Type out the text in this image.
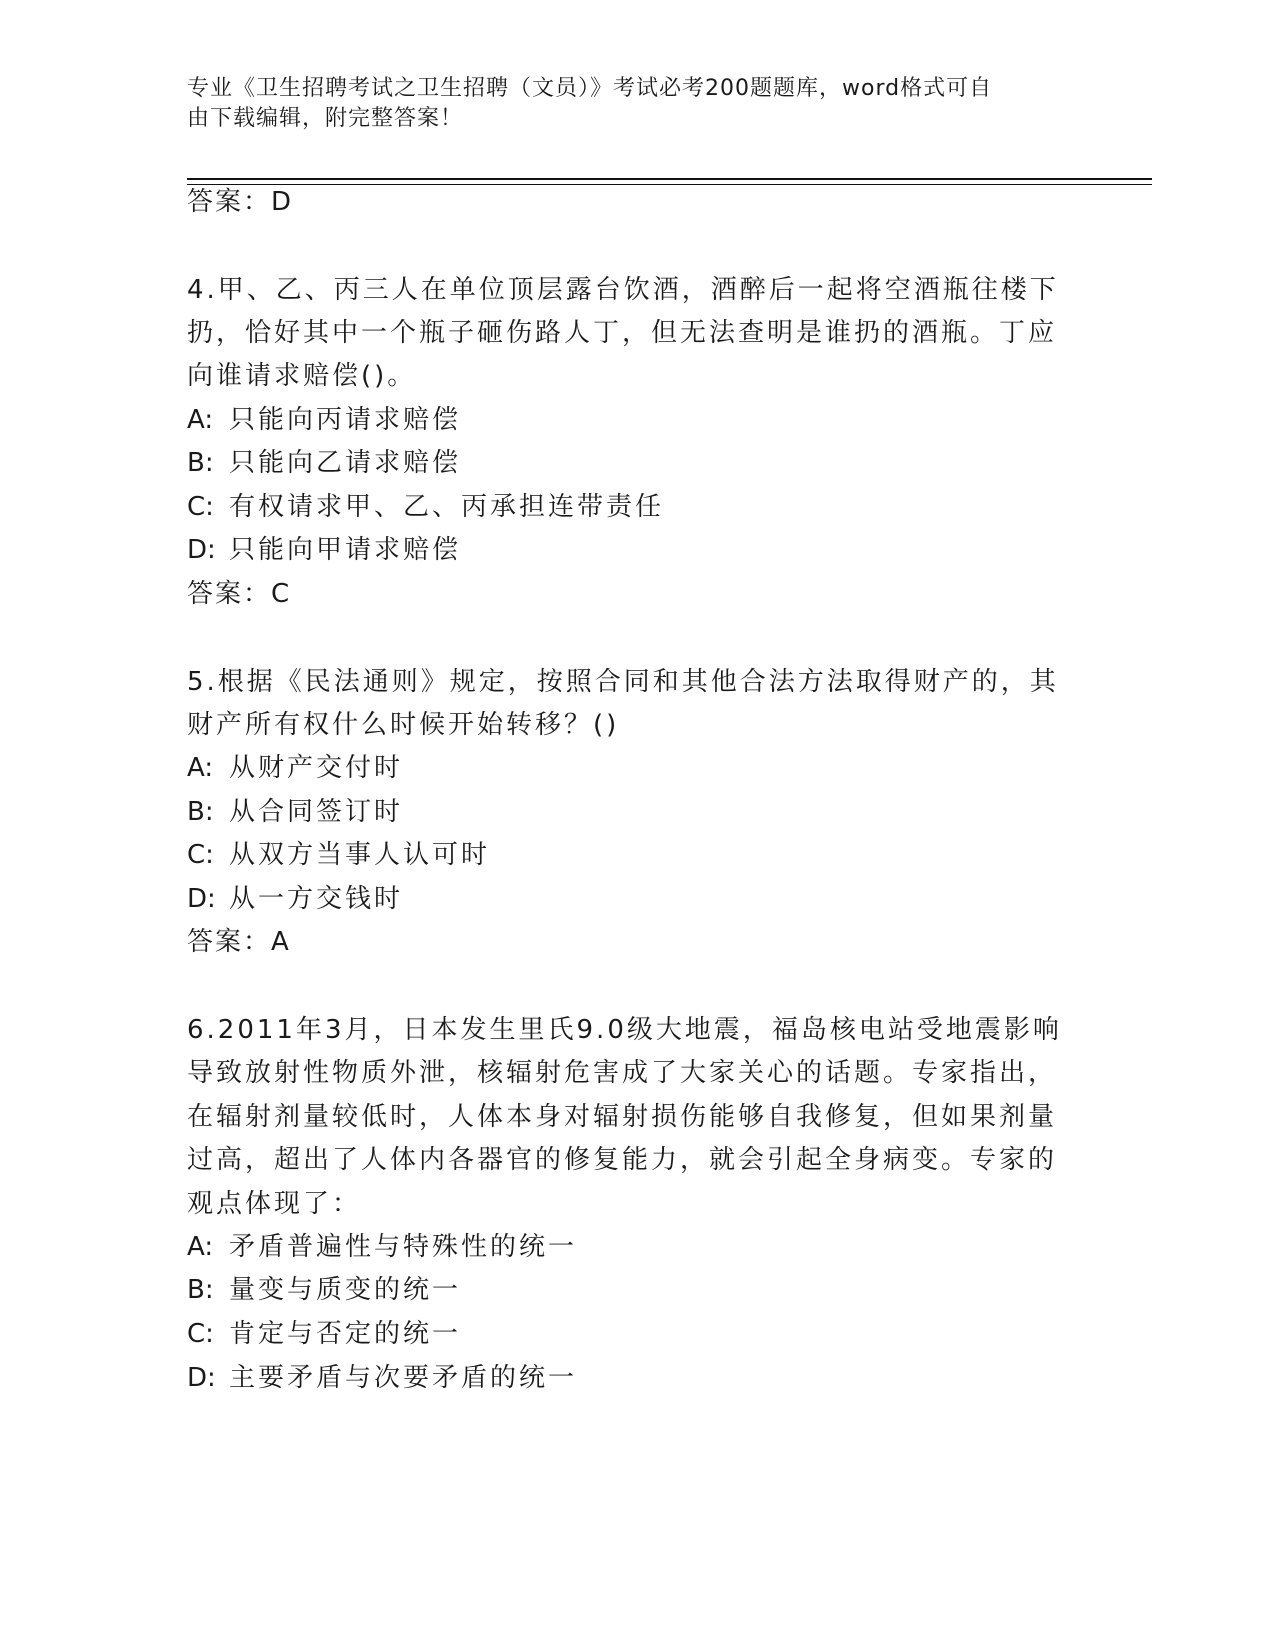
专业《卫生招聘考试之卫生招聘（文员）》考试必考200题题库，word格式可自
由下载编辑，附完整答案！
答案：D
4.甲、乙、丙三人在单位顶层露台饮酒，酒醉后一起将空酒瓶往楼下
扔，恰好其中一个瓶子砸伤路人丁，但无法查明是谁扔的酒瓶。丁应
向谁请求赔偿()。
A: 只能向丙请求赔偿
B: 只能向乙请求赔偿
C: 有权请求甲、乙、丙承担连带责任
D: 只能向甲请求赔偿
答案：C
5.根据《民法通则》规定，按照合同和其他合法方法取得财产的，其
财产所有权什么时候开始转移？()
A: 从财产交付时
B: 从合同签订时
C: 从双方当事人认可时
D: 从一方交钱时
答案：A
6.2011年3月，日本发生里氏9.0级大地震，福岛核电站受地震影响
导致放射性物质外泄，核辐射危害成了大家关心的话题。专家指出，
在辐射剂量较低时，人体本身对辐射损伤能够自我修复，但如果剂量
过高，超出了人体内各器官的修复能力，就会引起全身病变。专家的
观点体现了：
A: 矛盾普遍性与特殊性的统一
B: 量变与质变的统一
C: 肯定与否定的统一
D: 主要矛盾与次要矛盾的统一
